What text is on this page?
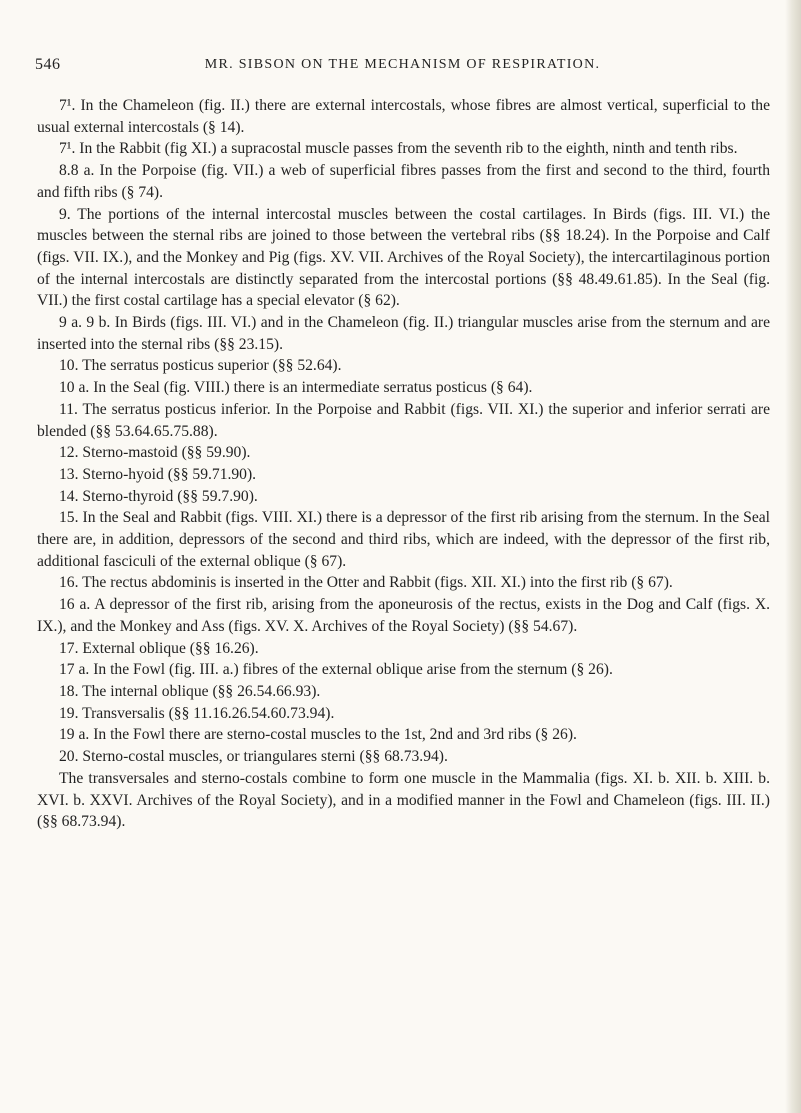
546	MR. SIBSON ON THE MECHANISM OF RESPIRATION.

7¹. In the Chameleon (fig. II.) there are external intercostals, whose fibres are almost vertical, superficial to the usual external intercostals (§ 14).

7¹. In the Rabbit (fig XI.) a supracostal muscle passes from the seventh rib to the eighth, ninth and tenth ribs.

8.8 a. In the Porpoise (fig. VII.) a web of superficial fibres passes from the first and second to the third, fourth and fifth ribs (§ 74).

9. The portions of the internal intercostal muscles between the costal cartilages. In Birds (figs. III. VI.) the muscles between the sternal ribs are joined to those between the vertebral ribs (§§ 18.24). In the Porpoise and Calf (figs. VII. IX.), and the Monkey and Pig (figs. XV. VII. Archives of the Royal Society), the intercartilaginous portion of the internal intercostals are distinctly separated from the intercostal portions (§§ 48.49.61.85). In the Seal (fig. VII.) the first costal cartilage has a special elevator (§ 62).

9 a. 9 b. In Birds (figs. III. VI.) and in the Chameleon (fig. II.) triangular muscles arise from the sternum and are inserted into the sternal ribs (§§ 23.15).

10. The serratus posticus superior (§§ 52.64).

10 a. In the Seal (fig. VIII.) there is an intermediate serratus posticus (§ 64).

11. The serratus posticus inferior. In the Porpoise and Rabbit (figs. VII. XI.) the superior and inferior serrati are blended (§§ 53.64.65.75.88).

12. Sterno-mastoid (§§ 59.90).

13. Sterno-hyoid (§§ 59.71.90).

14. Sterno-thyroid (§§ 59.7.90).

15. In the Seal and Rabbit (figs. VIII. XI.) there is a depressor of the first rib arising from the sternum. In the Seal there are, in addition, depressors of the second and third ribs, which are indeed, with the depressor of the first rib, additional fasciculi of the external oblique (§ 67).

16. The rectus abdominis is inserted in the Otter and Rabbit (figs. XII. XI.) into the first rib (§ 67).

16 a. A depressor of the first rib, arising from the aponeurosis of the rectus, exists in the Dog and Calf (figs. X. IX.), and the Monkey and Ass (figs. XV. X. Archives of the Royal Society) (§§ 54.67).

17. External oblique (§§ 16.26).

17 a. In the Fowl (fig. III. a.) fibres of the external oblique arise from the sternum (§ 26).

18. The internal oblique (§§ 26.54.66.93).

19. Transversalis (§§ 11.16.26.54.60.73.94).

19 a. In the Fowl there are sterno-costal muscles to the 1st, 2nd and 3rd ribs (§ 26).

20. Sterno-costal muscles, or triangulares sterni (§§ 68.73.94).

The transversales and sterno-costals combine to form one muscle in the Mammalia (figs. XI. b. XII. b. XIII. b. XVI. b. XXVI. Archives of the Royal Society), and in a modified manner in the Fowl and Chameleon (figs. III. II.) (§§ 68.73.94).
